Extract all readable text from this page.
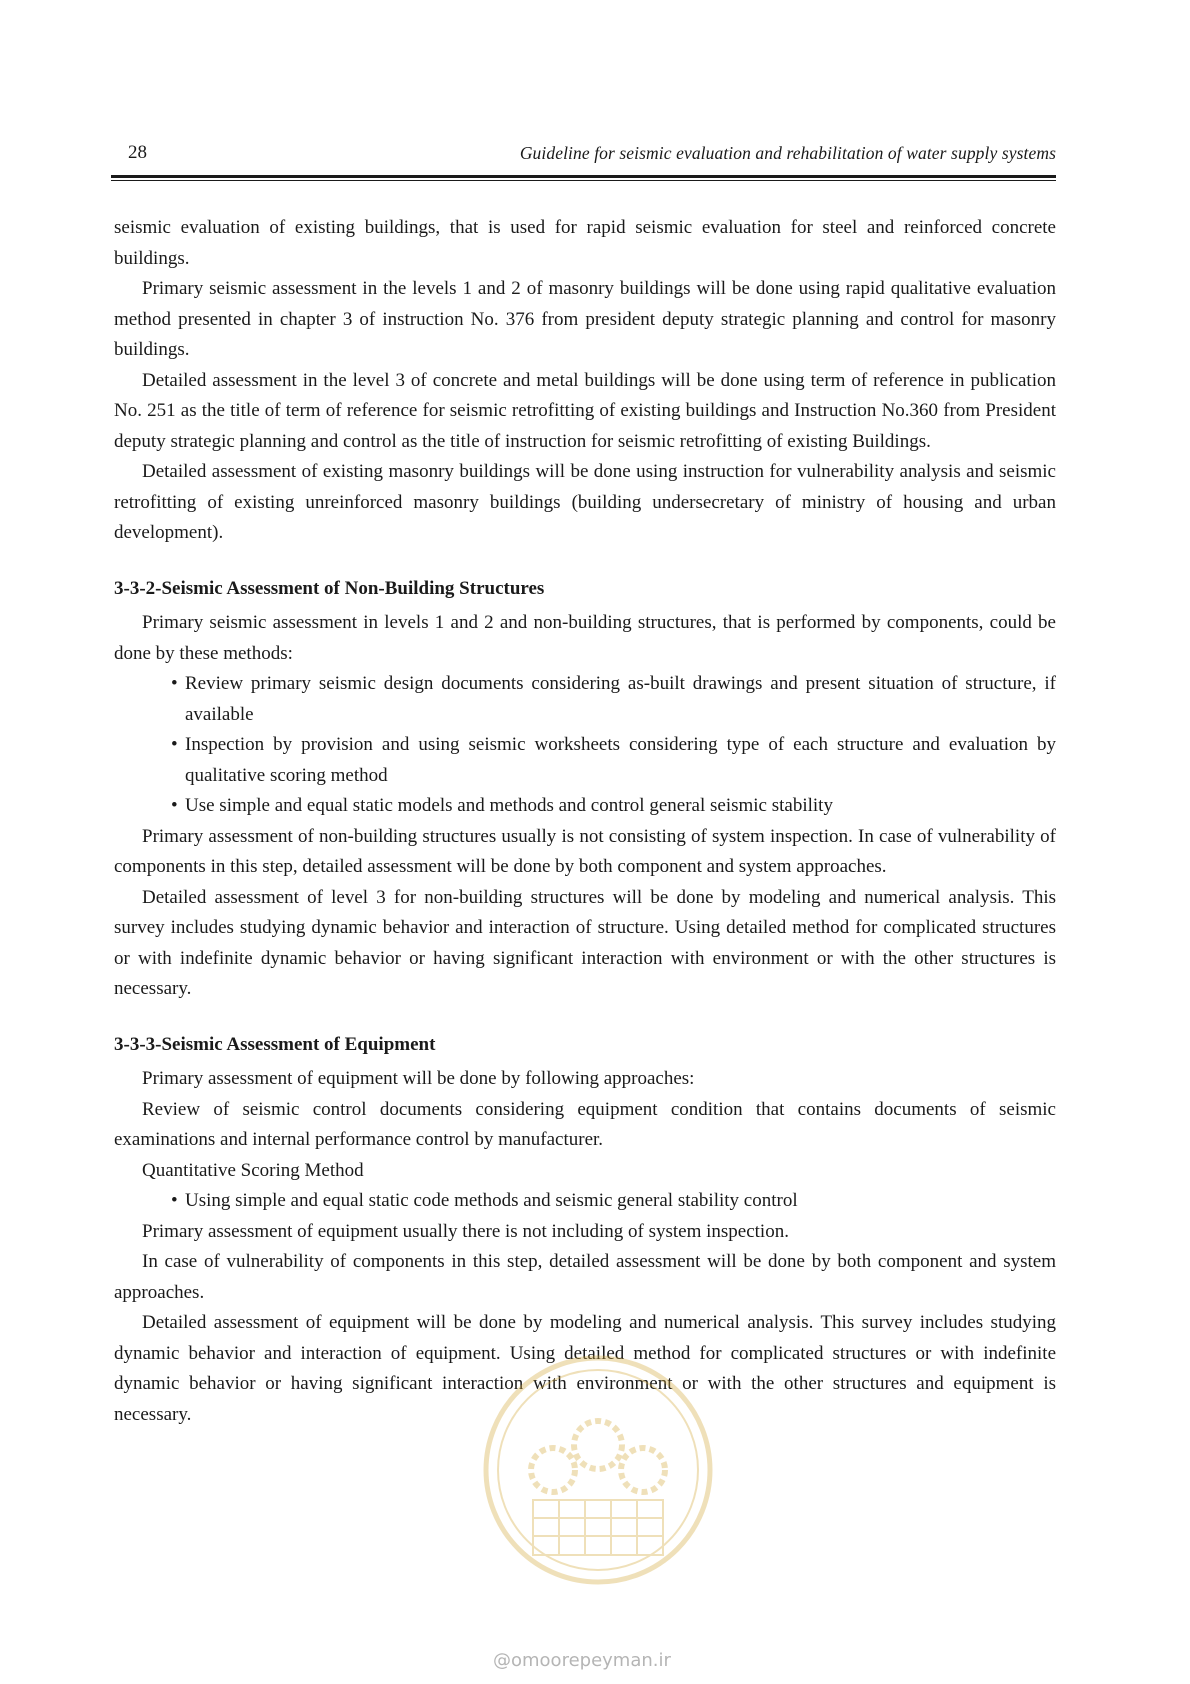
28	Guideline for seismic evaluation and rehabilitation of water supply systems

seismic evaluation of existing buildings, that is used for rapid seismic evaluation for steel and reinforced concrete buildings.

Primary seismic assessment in the levels 1 and 2 of masonry buildings will be done using rapid qualitative evaluation method presented in chapter 3 of instruction No. 376 from president deputy strategic planning and control for masonry buildings.

Detailed assessment in the level 3 of concrete and metal buildings will be done using term of reference in publication No. 251 as the title of term of reference for seismic retrofitting of existing buildings and Instruction No.360 from President deputy strategic planning and control as the title of instruction for seismic retrofitting of existing Buildings.

Detailed assessment of existing masonry buildings will be done using instruction for vulnerability analysis and seismic retrofitting of existing unreinforced masonry buildings (building undersecretary of ministry of housing and urban development).

3-3-2-Seismic Assessment of Non-Building Structures

Primary seismic assessment in levels 1 and 2 and non-building structures, that is performed by components, could be done by these methods:

• Review primary seismic design documents considering as-built drawings and present situation of structure, if available
• Inspection by provision and using seismic worksheets considering type of each structure and evaluation by qualitative scoring method
• Use simple and equal static models and methods and control general seismic stability

Primary assessment of non-building structures usually is not consisting of system inspection. In case of vulnerability of components in this step, detailed assessment will be done by both component and system approaches.

Detailed assessment of level 3 for non-building structures will be done by modeling and numerical analysis. This survey includes studying dynamic behavior and interaction of structure. Using detailed method for complicated structures or with indefinite dynamic behavior or having significant interaction with environment or with the other structures is necessary.

3-3-3-Seismic Assessment of Equipment

Primary assessment of equipment will be done by following approaches:

Review of seismic control documents considering equipment condition that contains documents of seismic examinations and internal performance control by manufacturer.

Quantitative Scoring Method

• Using simple and equal static code methods and seismic general stability control

Primary assessment of equipment usually there is not including of system inspection.

In case of vulnerability of components in this step, detailed assessment will be done by both component and system approaches.

Detailed assessment of equipment will be done by modeling and numerical analysis. This survey includes studying dynamic behavior and interaction of equipment. Using detailed method for complicated structures or with indefinite dynamic behavior or having significant interaction with environment or with the other structures and equipment is necessary.

@omoorepeyman.ir
